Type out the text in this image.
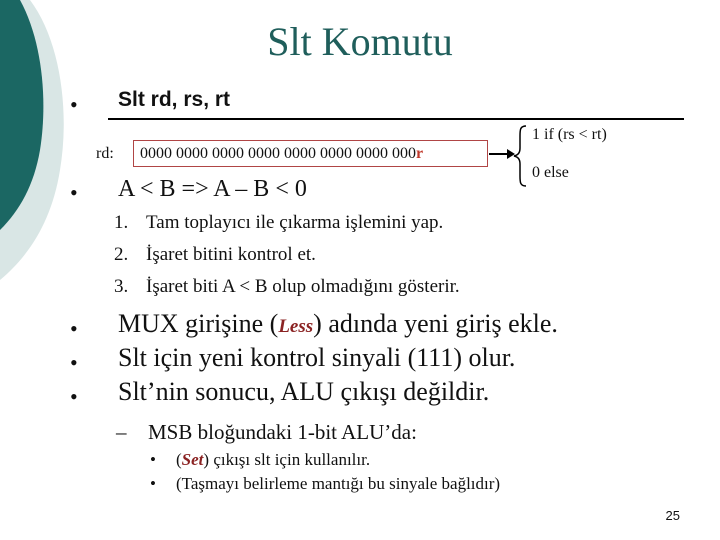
Slt Komutu
• Slt rd, rs, rt
rd: 0000 0000 0000 0000 0000 0000 0000 000r
1 if (rs < rt)
0 else
• A < B => A – B < 0
1. Tam toplayıcı ile çıkarma işlemini yap.
2. İşaret bitini kontrol et.
3. İşaret biti A < B olup olmadığını gösterir.
• MUX girişine (Less) adında yeni giriş ekle.
• Slt için yeni kontrol sinyali (111) olur.
• Slt’nin sonucu, ALU çıkışı değildir.
– MSB bloğundaki 1-bit ALU’da:
• (Set) çıkışı slt için kullanılır.
• (Taşmayı belirleme mantığı bu sinyale bağlıdır)
25
